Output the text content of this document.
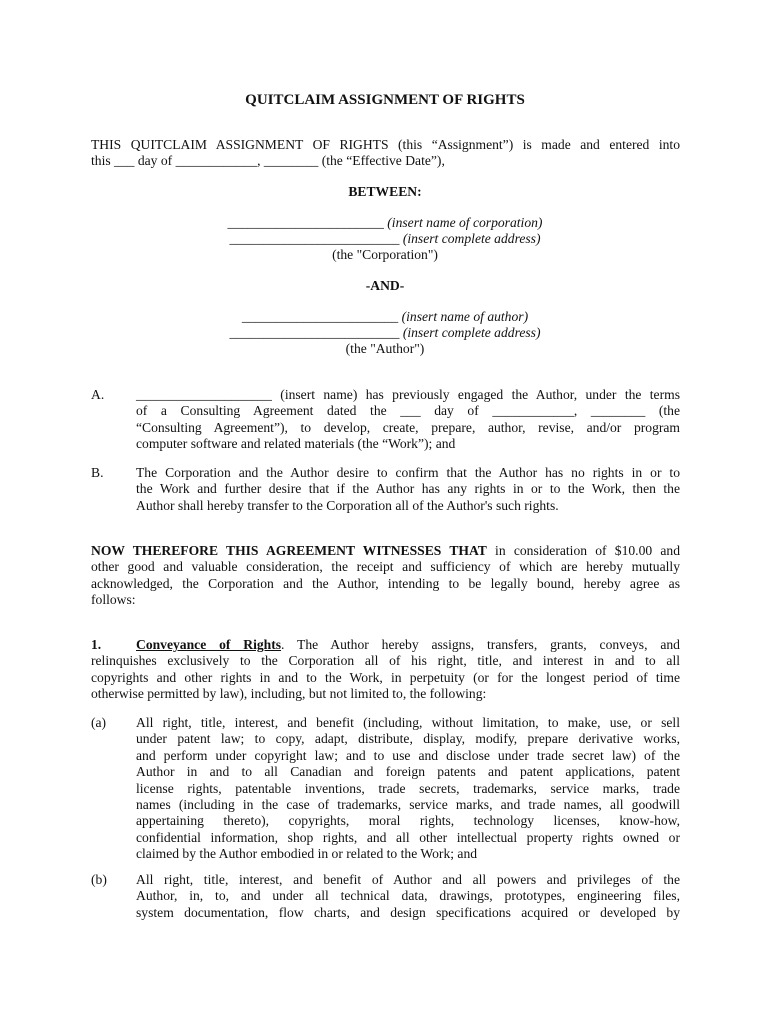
QUITCLAIM ASSIGNMENT OF RIGHTS
THIS QUITCLAIM ASSIGNMENT OF RIGHTS (this “Assignment”) is made and entered into
this ___ day of ____________, ________ (the “Effective Date”),
BETWEEN:
_______________________ (insert name of corporation)
_________________________ (insert complete address)
(the "Corporation")
-AND-
_______________________ (insert name of author)
_________________________ (insert complete address)
(the "Author")
A. ____________________ (insert name) has previously engaged the Author, under the terms
of a Consulting Agreement dated the ___ day of ____________, ________ (the
“Consulting Agreement”), to develop, create, prepare, author, revise, and/or program
computer software and related materials (the “Work”); and
B. The Corporation and the Author desire to confirm that the Author has no rights in or to
the Work and further desire that if the Author has any rights in or to the Work, then the
Author shall hereby transfer to the Corporation all of the Author's such rights.
NOW THEREFORE THIS AGREEMENT WITNESSES THAT in consideration of $10.00 and
other good and valuable consideration, the receipt and sufficiency of which are hereby mutually
acknowledged, the Corporation and the Author, intending to be legally bound, hereby agree as
follows:
1.	Conveyance of Rights. The Author hereby assigns, transfers, grants, conveys, and
relinquishes exclusively to the Corporation all of his right, title, and interest in and to all
copyrights and other rights in and to the Work, in perpetuity (or for the longest period of time
otherwise permitted by law), including, but not limited to, the following:
(a) All right, title, interest, and benefit (including, without limitation, to make, use, or sell
under patent law; to copy, adapt, distribute, display, modify, prepare derivative works,
and perform under copyright law; and to use and disclose under trade secret law) of the
Author in and to all Canadian and foreign patents and patent applications, patent
license rights, patentable inventions, trade secrets, trademarks, service marks, trade
names (including in the case of trademarks, service marks, and trade names, all goodwill
appertaining thereto), copyrights, moral rights, technology licenses, know-how,
confidential information, shop rights, and all other intellectual property rights owned or
claimed by the Author embodied in or related to the Work; and
(b) All right, title, interest, and benefit of Author and all powers and privileges of the
Author, in, to, and under all technical data, drawings, prototypes, engineering files,
system documentation, flow charts, and design specifications acquired or developed by
